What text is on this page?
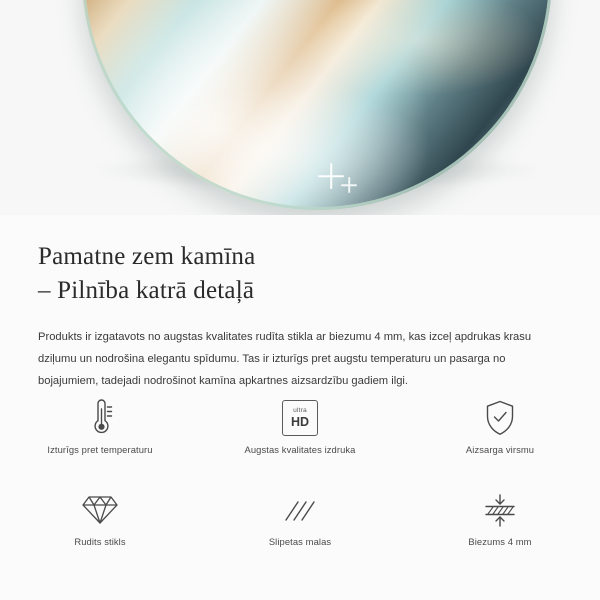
Pamatne zem kamīna
– Pilnība katrā detaļā

Produkts ir izgatavots no augstas kvalitates rudīta stikla ar biezumu 4 mm, kas izceļ apdrukas krasu dziļumu un nodrošina elegantu spīdumu. Tas ir izturīgs pret augstu temperaturu un pasarga no bojajumiem, tadejadi nodrošinot kamīna apkartnes aizsardzību gadiem ilgi.

Izturīgs pret temperaturu
ultra
HD
Augstas kvalitates izdruka	Aizsarga virsmu
Rudits stikls	Slipetas malas	Biezums 4 mm
